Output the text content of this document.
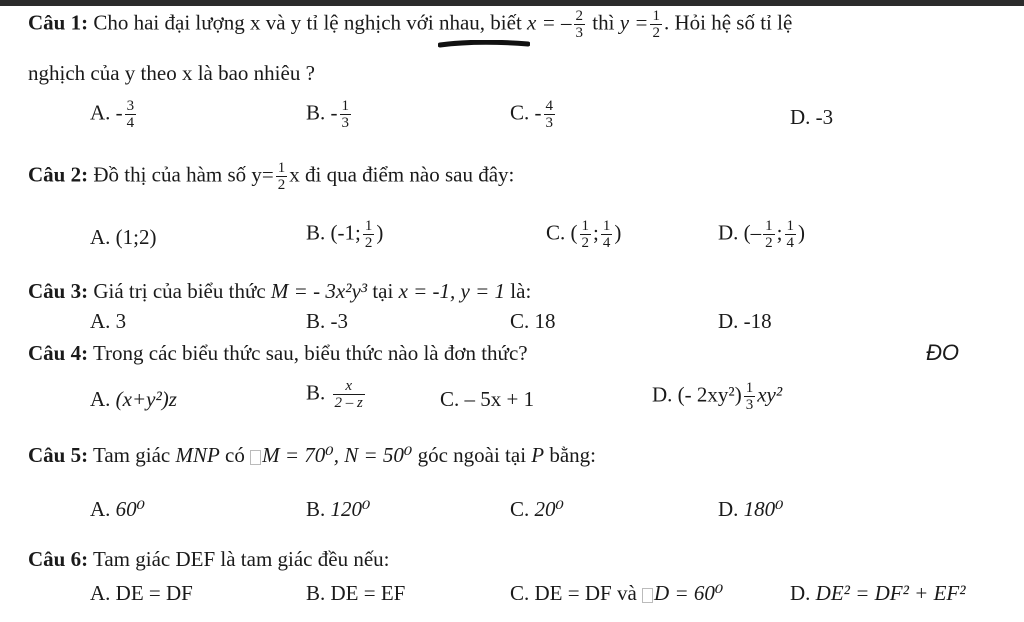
Câu 1: Cho hai đại lượng x và y tỉ lệ nghịch với nhau, biết x = – $\frac{2}{3}$ thì $y = \frac{1}{2}$ . Hỏi hệ số tỉ lệ
nghịch của y theo x là bao nhiêu ?
A. - $\frac{3}{4}$	B. - $\frac{1}{3}$	C. - $\frac{4}{3}$	D. -3
Câu 2: Đồ thị của hàm số $y= \frac{1}{2}$ x đi qua điểm nào sau đây:
A. (1;2)	B. (-1; $\frac{1}{2}$ )	C. ( $\frac{1}{2}$ ; $\frac{1}{4}$ )	D. (– $\frac{1}{2}$ ; $\frac{1}{4}$ )
Câu 3: Giá trị của biểu thức M = - 3x²y³ tại x = -1, y = 1 là:
A. 3	B. -3	C. 18	D. -18
Câu 4: Trong các biểu thức sau, biểu thức nào là đơn thức?	ÐO
A. (x+y²)z	B. $\frac{x}{2 - z}$	C. – 5x + 1	D. (- $2xy^2) \frac{1}{3} xy^2$
Câu 5: Tam giác MNP có M = 70⁰, N = 50⁰ góc ngoài tại P bằng:
A. 60⁰	B. 120⁰	C. 20⁰	D. 180⁰
Câu 6: Tam giác DEF là tam giác đều nếu:
A. DE = DF	B. DE = EF	C. DE = DF và D = 60⁰	D. DE² = DF² + EF²
